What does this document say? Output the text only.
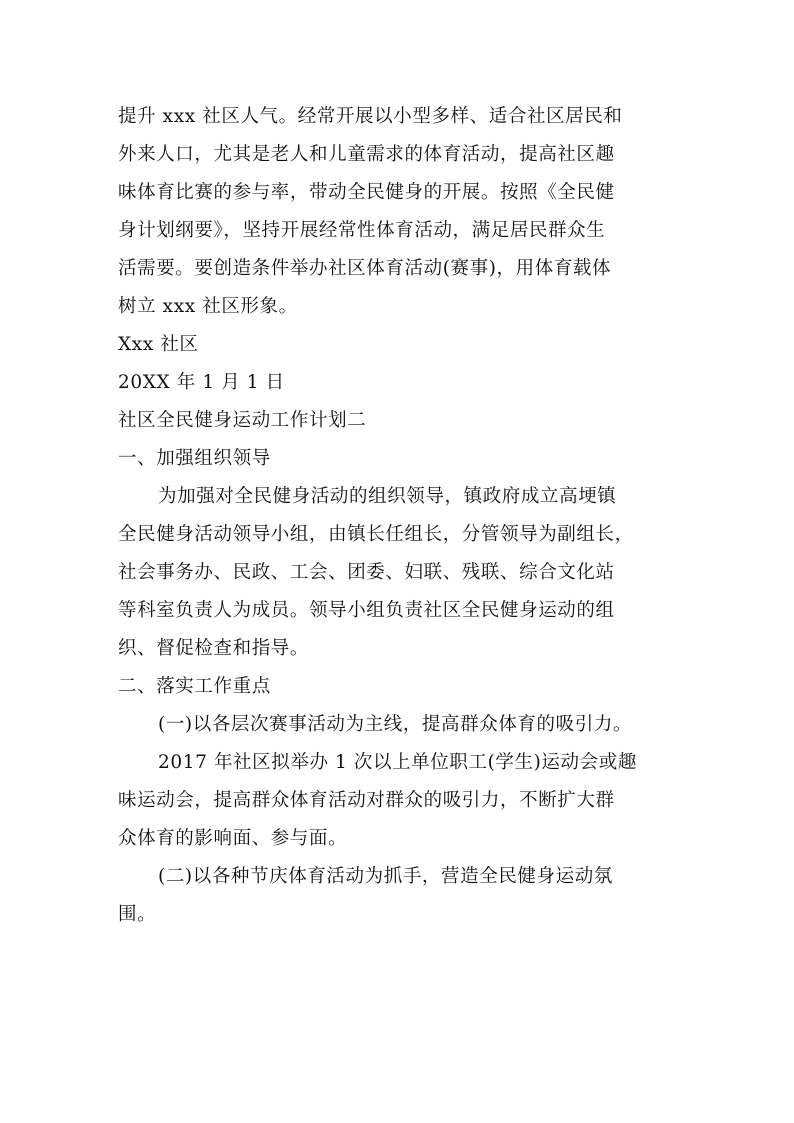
提升 xxx 社区人气。经常开展以小型多样、适合社区居民和
外来人口，尤其是老人和儿童需求的体育活动，提高社区趣
味体育比赛的参与率，带动全民健身的开展。按照《全民健
身计划纲要》，坚持开展经常性体育活动，满足居民群众生
活需要。要创造条件举办社区体育活动(赛事)，用体育载体
树立 xxx 社区形象。
Xxx 社区
20XX 年 1 月 1 日
社区全民健身运动工作计划二
一、加强组织领导
为加强对全民健身活动的组织领导，镇政府成立高埂镇
全民健身活动领导小组，由镇长任组长，分管领导为副组长，
社会事务办、民政、工会、团委、妇联、残联、综合文化站
等科室负责人为成员。领导小组负责社区全民健身运动的组
织、督促检查和指导。
二、落实工作重点
(一)以各层次赛事活动为主线，提高群众体育的吸引力。
2017 年社区拟举办 1 次以上单位职工(学生)运动会或趣
味运动会，提高群众体育活动对群众的吸引力，不断扩大群
众体育的影响面、参与面。
(二)以各种节庆体育活动为抓手，营造全民健身运动氛
围。
